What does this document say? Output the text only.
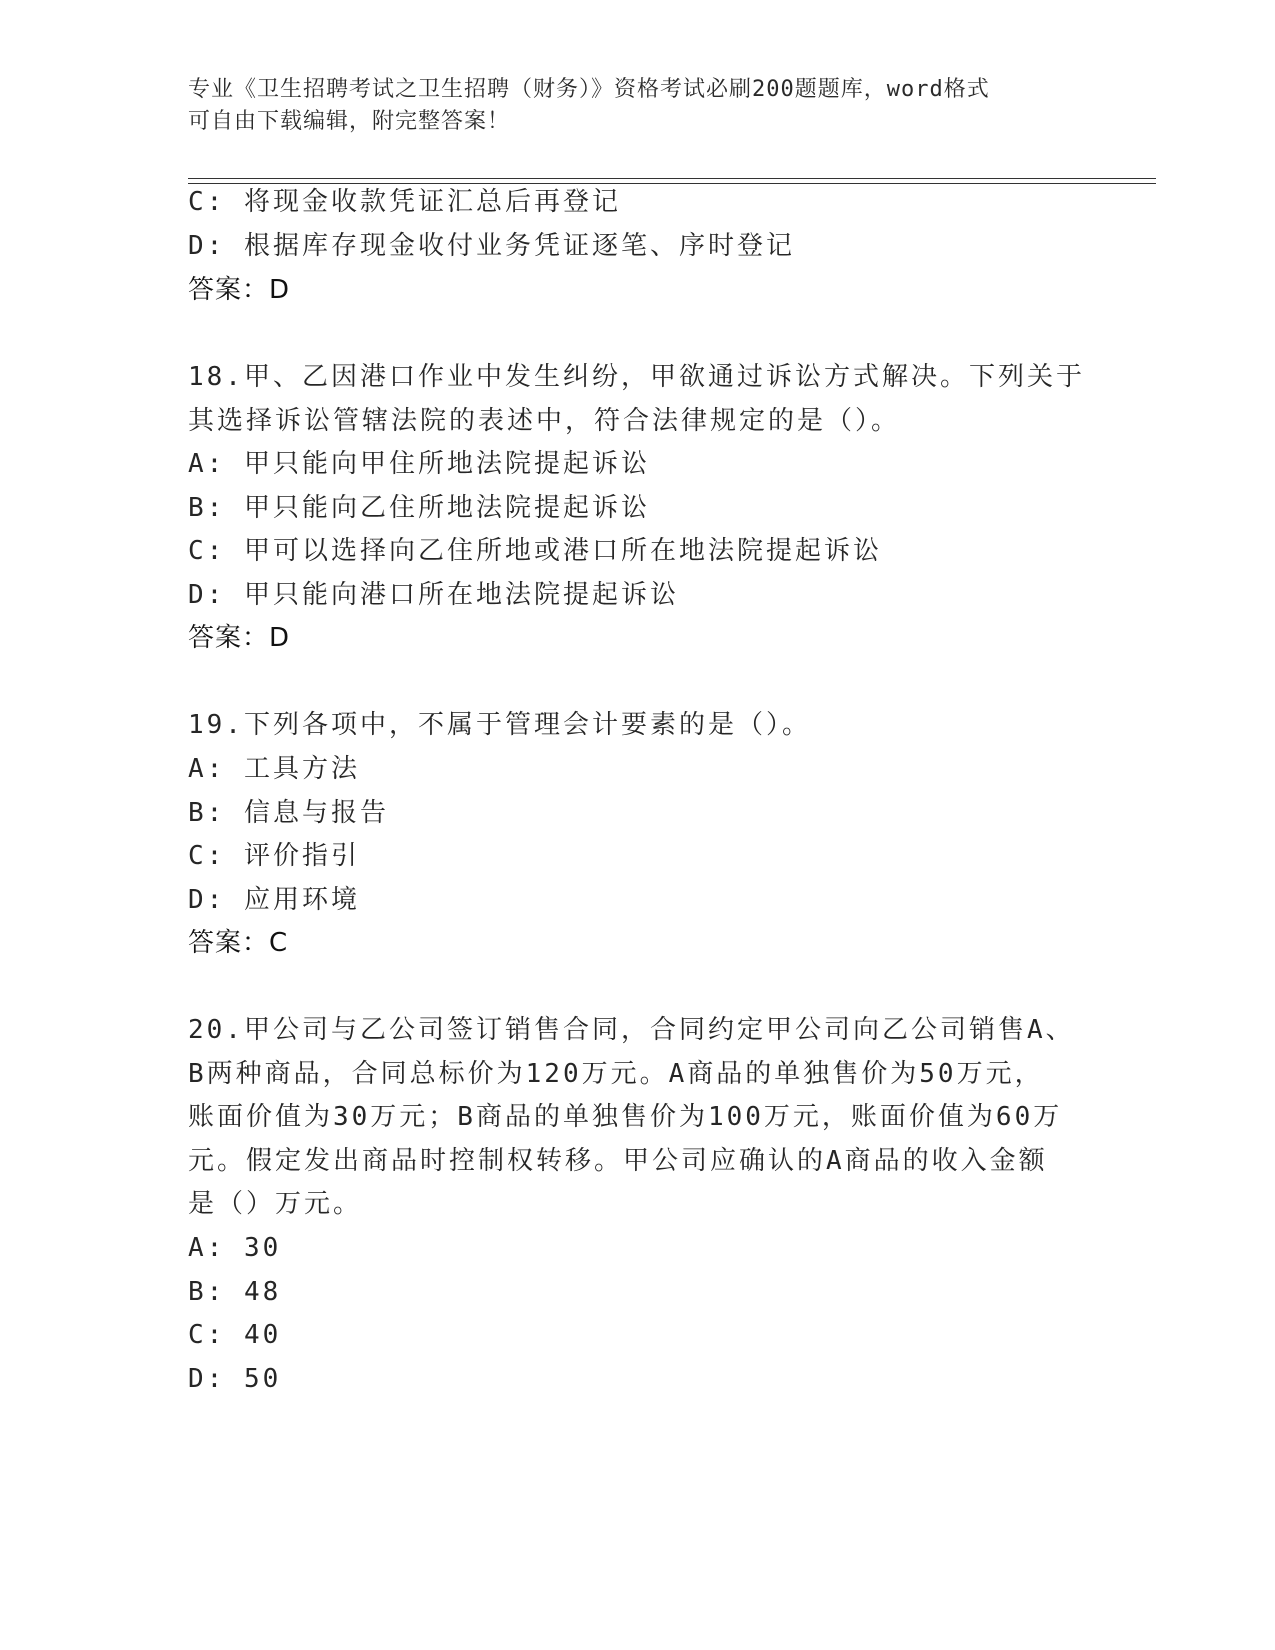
专业《卫生招聘考试之卫生招聘（财务）》资格考试必刷200题题库，word格式
可自由下载编辑，附完整答案！
C: 将现金收款凭证汇总后再登记
D: 根据库存现金收付业务凭证逐笔、序时登记
答案：D
18.甲、乙因港口作业中发生纠纷，甲欲通过诉讼方式解决。下列关于
其选择诉讼管辖法院的表述中，符合法律规定的是（）。
A: 甲只能向甲住所地法院提起诉讼
B: 甲只能向乙住所地法院提起诉讼
C: 甲可以选择向乙住所地或港口所在地法院提起诉讼
D: 甲只能向港口所在地法院提起诉讼
答案：D
19.下列各项中，不属于管理会计要素的是（）。
A: 工具方法
B: 信息与报告
C: 评价指引
D: 应用环境
答案：C
20.甲公司与乙公司签订销售合同，合同约定甲公司向乙公司销售A、
B两种商品，合同总标价为120万元。A商品的单独售价为50万元，
账面价值为30万元；B商品的单独售价为100万元，账面价值为60万
元。假定发出商品时控制权转移。甲公司应确认的A商品的收入金额
是（）万元。
A: 30
B: 48
C: 40
D: 50
